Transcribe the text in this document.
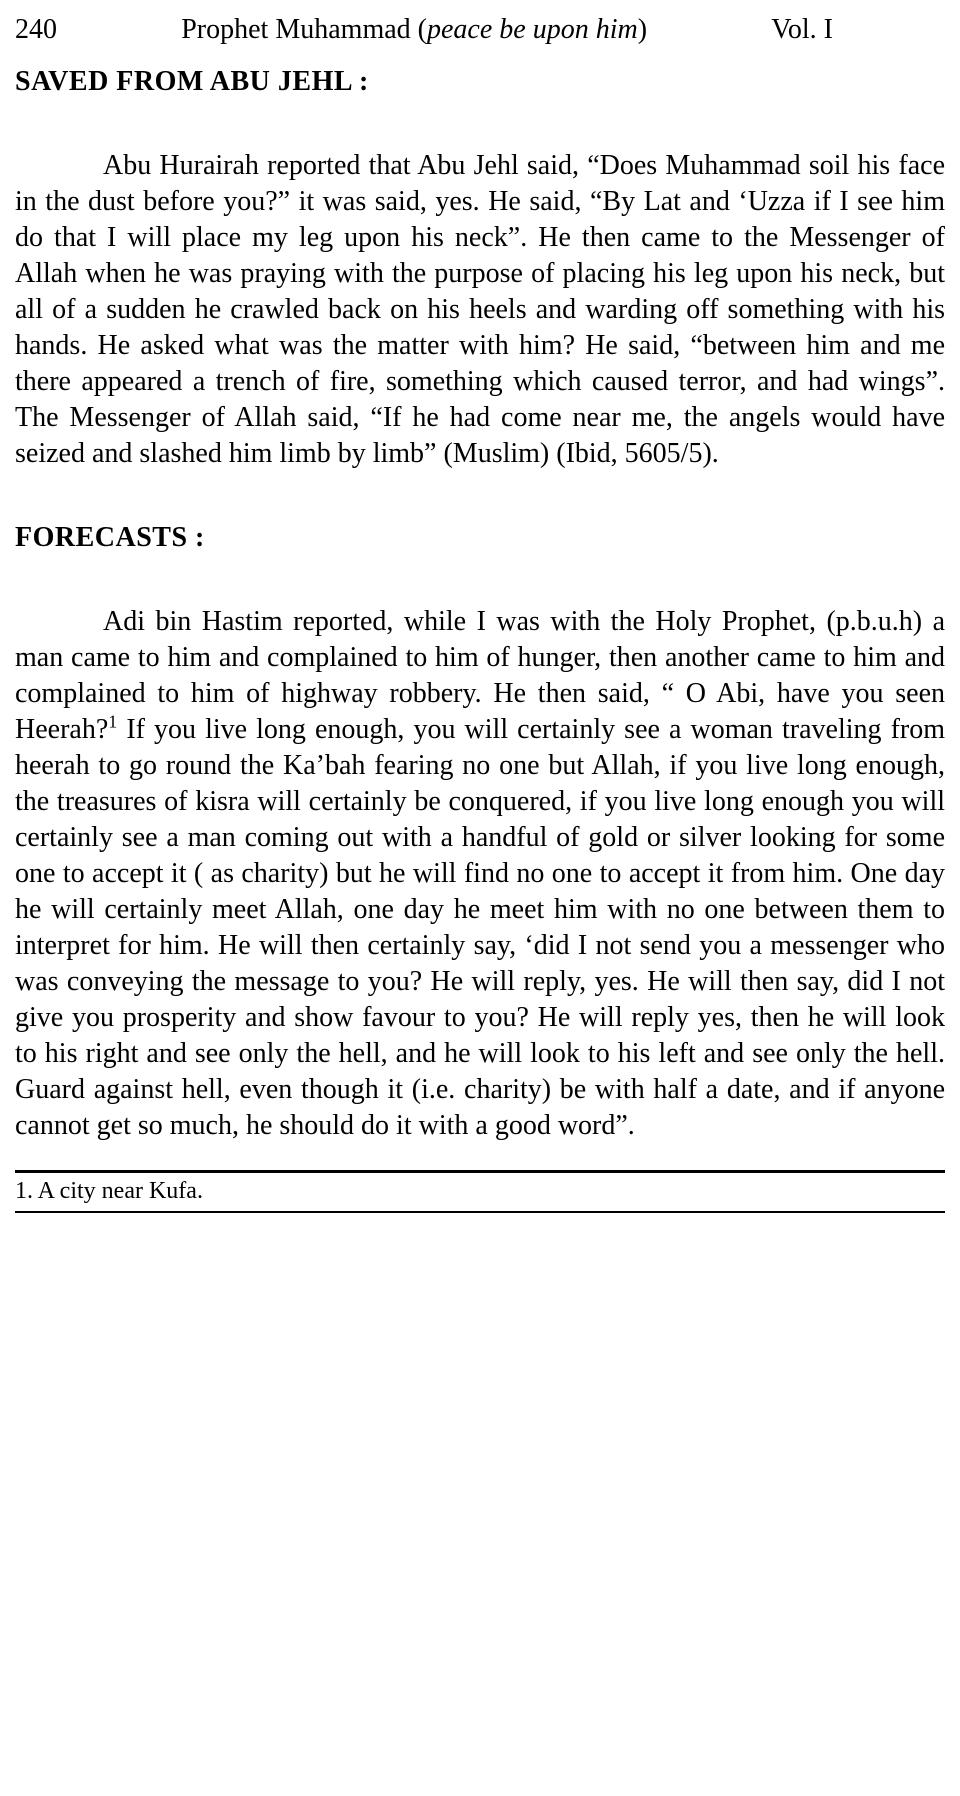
240	Prophet Muhammad (peace be upon him)	Vol. I
SAVED FROM ABU JEHL :

Abu Hurairah reported that Abu Jehl said, “Does Muhammad soil his face in the dust before you?” it was said, yes. He said, “By Lat and ‘Uzza if I see him do that I will place my leg upon his neck”. He then came to the Messenger of Allah when he was praying with the purpose of placing his leg upon his neck, but all of a sudden he crawled back on his heels and warding off something with his hands. He asked what was the matter with him? He said, “between him and me there appeared a trench of fire, something which caused terror, and had wings”. The Messenger of Allah said, “If he had come near me, the angels would have seized and slashed him limb by limb” (Muslim) (Ibid, 5605/5).

FORECASTS :

Adi bin Hastim reported, while I was with the Holy Prophet, (p.b.u.h) a man came to him and complained to him of hunger, then another came to him and complained to him of highway robbery. He then said, “ O Abi, have you seen Heerah?$^1$ If you live long enough, you will certainly see a woman traveling from heerah to go round the Ka’bah fearing no one but Allah, if you live long enough, the treasures of kisra will certainly be conquered, if you live long enough you will certainly see a man coming out with a handful of gold or silver looking for some one to accept it ( as charity) but he will find no one to accept it from him. One day he will certainly meet Allah, one day he meet him with no one between them to interpret for him. He will then certainly say, ‘did I not send you a messenger who was conveying the message to you? He will reply, yes. He will then say, did I not give you prosperity and show favour to you? He will reply yes, then he will look to his right and see only the hell, and he will look to his left and see only the hell. Guard against hell, even though it (i.e. charity) be with half a date, and if anyone cannot get so much, he should do it with a good word”.

1. A city near Kufa.
